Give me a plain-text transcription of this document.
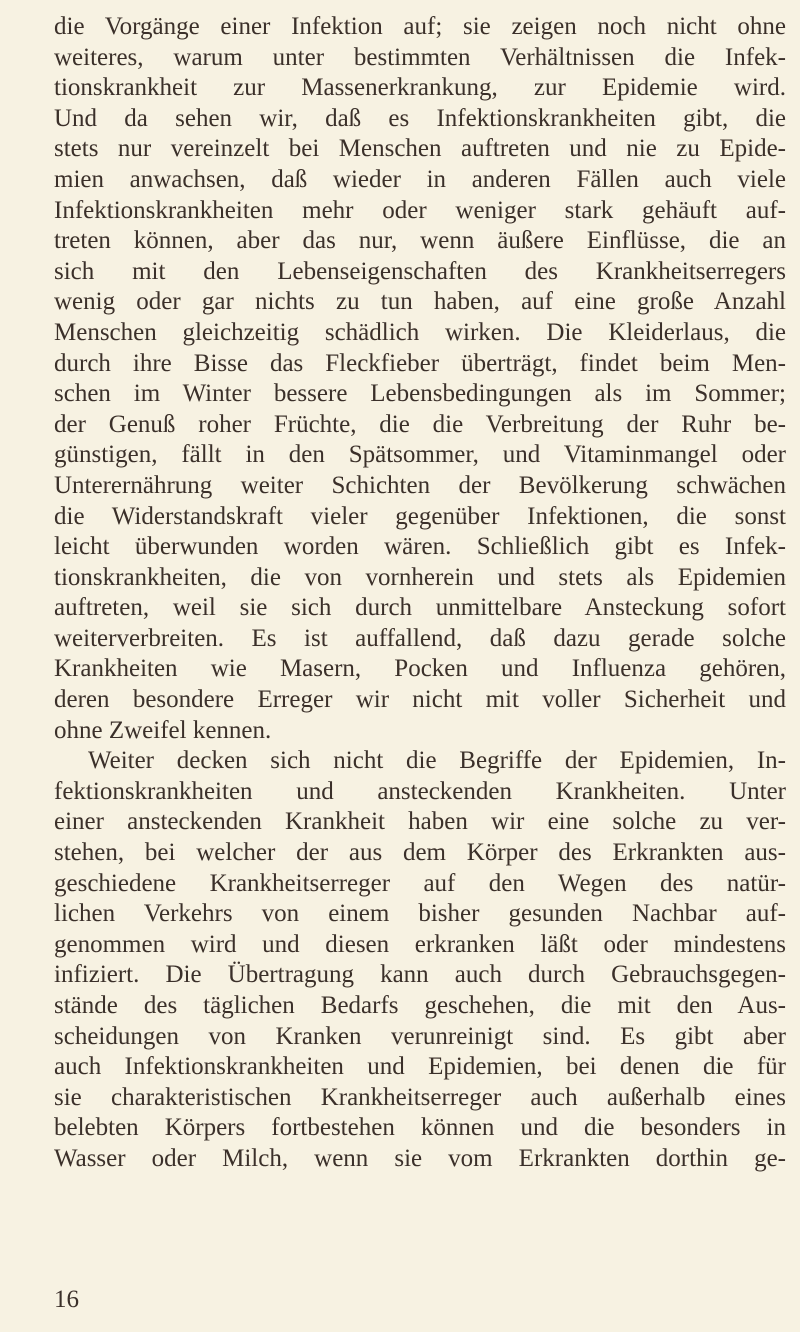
die Vorgänge einer Infektion auf; sie zeigen noch nicht ohne
weiteres, warum unter bestimmten Verhältnissen die Infek-
tionskrankheit zur Massenerkrankung, zur Epidemie wird.
Und da sehen wir, daß es Infektionskrankheiten gibt, die
stets nur vereinzelt bei Menschen auftreten und nie zu Epide-
mien anwachsen, daß wieder in anderen Fällen auch viele
Infektionskrankheiten mehr oder weniger stark gehäuft auf-
treten können, aber das nur, wenn äußere Einflüsse, die an
sich mit den Lebenseigenschaften des Krankheitserregers
wenig oder gar nichts zu tun haben, auf eine große Anzahl
Menschen gleichzeitig schädlich wirken. Die Kleiderlaus, die
durch ihre Bisse das Fleckfieber überträgt, findet beim Men-
schen im Winter bessere Lebensbedingungen als im Sommer;
der Genuß roher Früchte, die die Verbreitung der Ruhr be-
günstigen, fällt in den Spätsommer, und Vitaminmangel oder
Unterernährung weiter Schichten der Bevölkerung schwächen
die Widerstandskraft vieler gegenüber Infektionen, die sonst
leicht überwunden worden wären. Schließlich gibt es Infek-
tionskrankheiten, die von vornherein und stets als Epidemien
auftreten, weil sie sich durch unmittelbare Ansteckung sofort
weiterverbreiten. Es ist auffallend, daß dazu gerade solche
Krankheiten wie Masern, Pocken und Influenza gehören,
deren besondere Erreger wir nicht mit voller Sicherheit und
ohne Zweifel kennen.
Weiter decken sich nicht die Begriffe der Epidemien, In-
fektionskrankheiten und ansteckenden Krankheiten. Unter
einer ansteckenden Krankheit haben wir eine solche zu ver-
stehen, bei welcher der aus dem Körper des Erkrankten aus-
geschiedene Krankheitserreger auf den Wegen des natür-
lichen Verkehrs von einem bisher gesunden Nachbar auf-
genommen wird und diesen erkranken läßt oder mindestens
infiziert. Die Übertragung kann auch durch Gebrauchsgegen-
stände des täglichen Bedarfs geschehen, die mit den Aus-
scheidungen von Kranken verunreinigt sind. Es gibt aber
auch Infektionskrankheiten und Epidemien, bei denen die für
sie charakteristischen Krankheitserreger auch außerhalb eines
belebten Körpers fortbestehen können und die besonders in
Wasser oder Milch, wenn sie vom Erkrankten dorthin ge-
16
